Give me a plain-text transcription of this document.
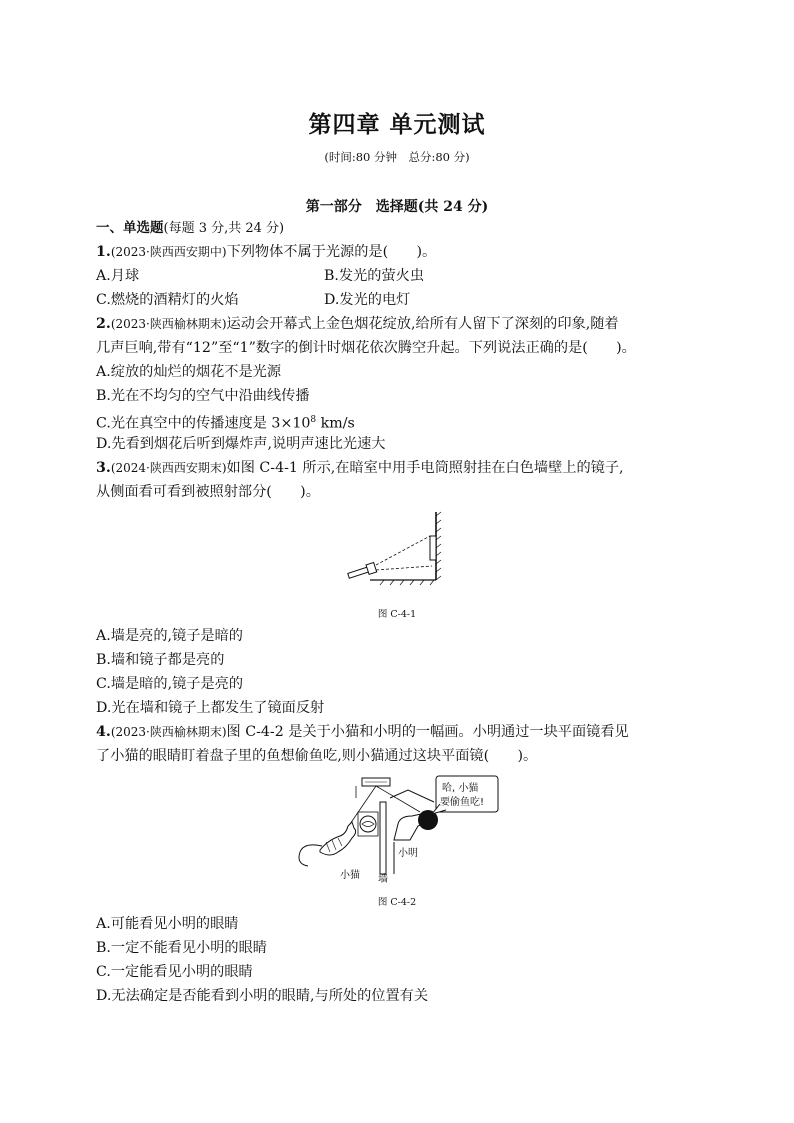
第四章 单元测试
(时间:80 分钟　总分:80 分)
第一部分　选择题(共 24 分)
一、单选题(每题 3 分,共 24 分)
1.(2023·陕西西安期中)下列物体不属于光源的是(　　)。
A.月球	B.发光的萤火虫
C.燃烧的酒精灯的火焰	D.发光的电灯
2.(2023·陕西榆林期末)运动会开幕式上金色烟花绽放,给所有人留下了深刻的印象,随着
几声巨响,带有“12”至“1”数字的倒计时烟花依次腾空升起。下列说法正确的是(　　)。
A.绽放的灿烂的烟花不是光源
B.光在不均匀的空气中沿曲线传播
C.光在真空中的传播速度是 $3\times 10^8$ km/s
D.先看到烟花后听到爆炸声,说明声速比光速大
3.(2024·陕西西安期末)如图 C-4-1 所示,在暗室中用手电筒照射挂在白色墙壁上的镜子,
从侧面看可看到被照射部分(　　)。
图 C-4-1
A.墙是亮的,镜子是暗的
B.墙和镜子都是亮的
C.墙是暗的,镜子是亮的
D.光在墙和镜子上都发生了镜面反射
4.(2023·陕西榆林期末)图 C-4-2 是关于小猫和小明的一幅画。小明通过一块平面镜看见
了小猫的眼睛盯着盘子里的鱼想偷鱼吃,则小猫通过这块平面镜(　　)。
哈, 小猫
要偷鱼吃!
墙
小明
小猫
图 C-4-2
A.可能看见小明的眼睛
B.一定不能看见小明的眼睛
C.一定能看见小明的眼睛
D.无法确定是否能看到小明的眼睛,与所处的位置有关
